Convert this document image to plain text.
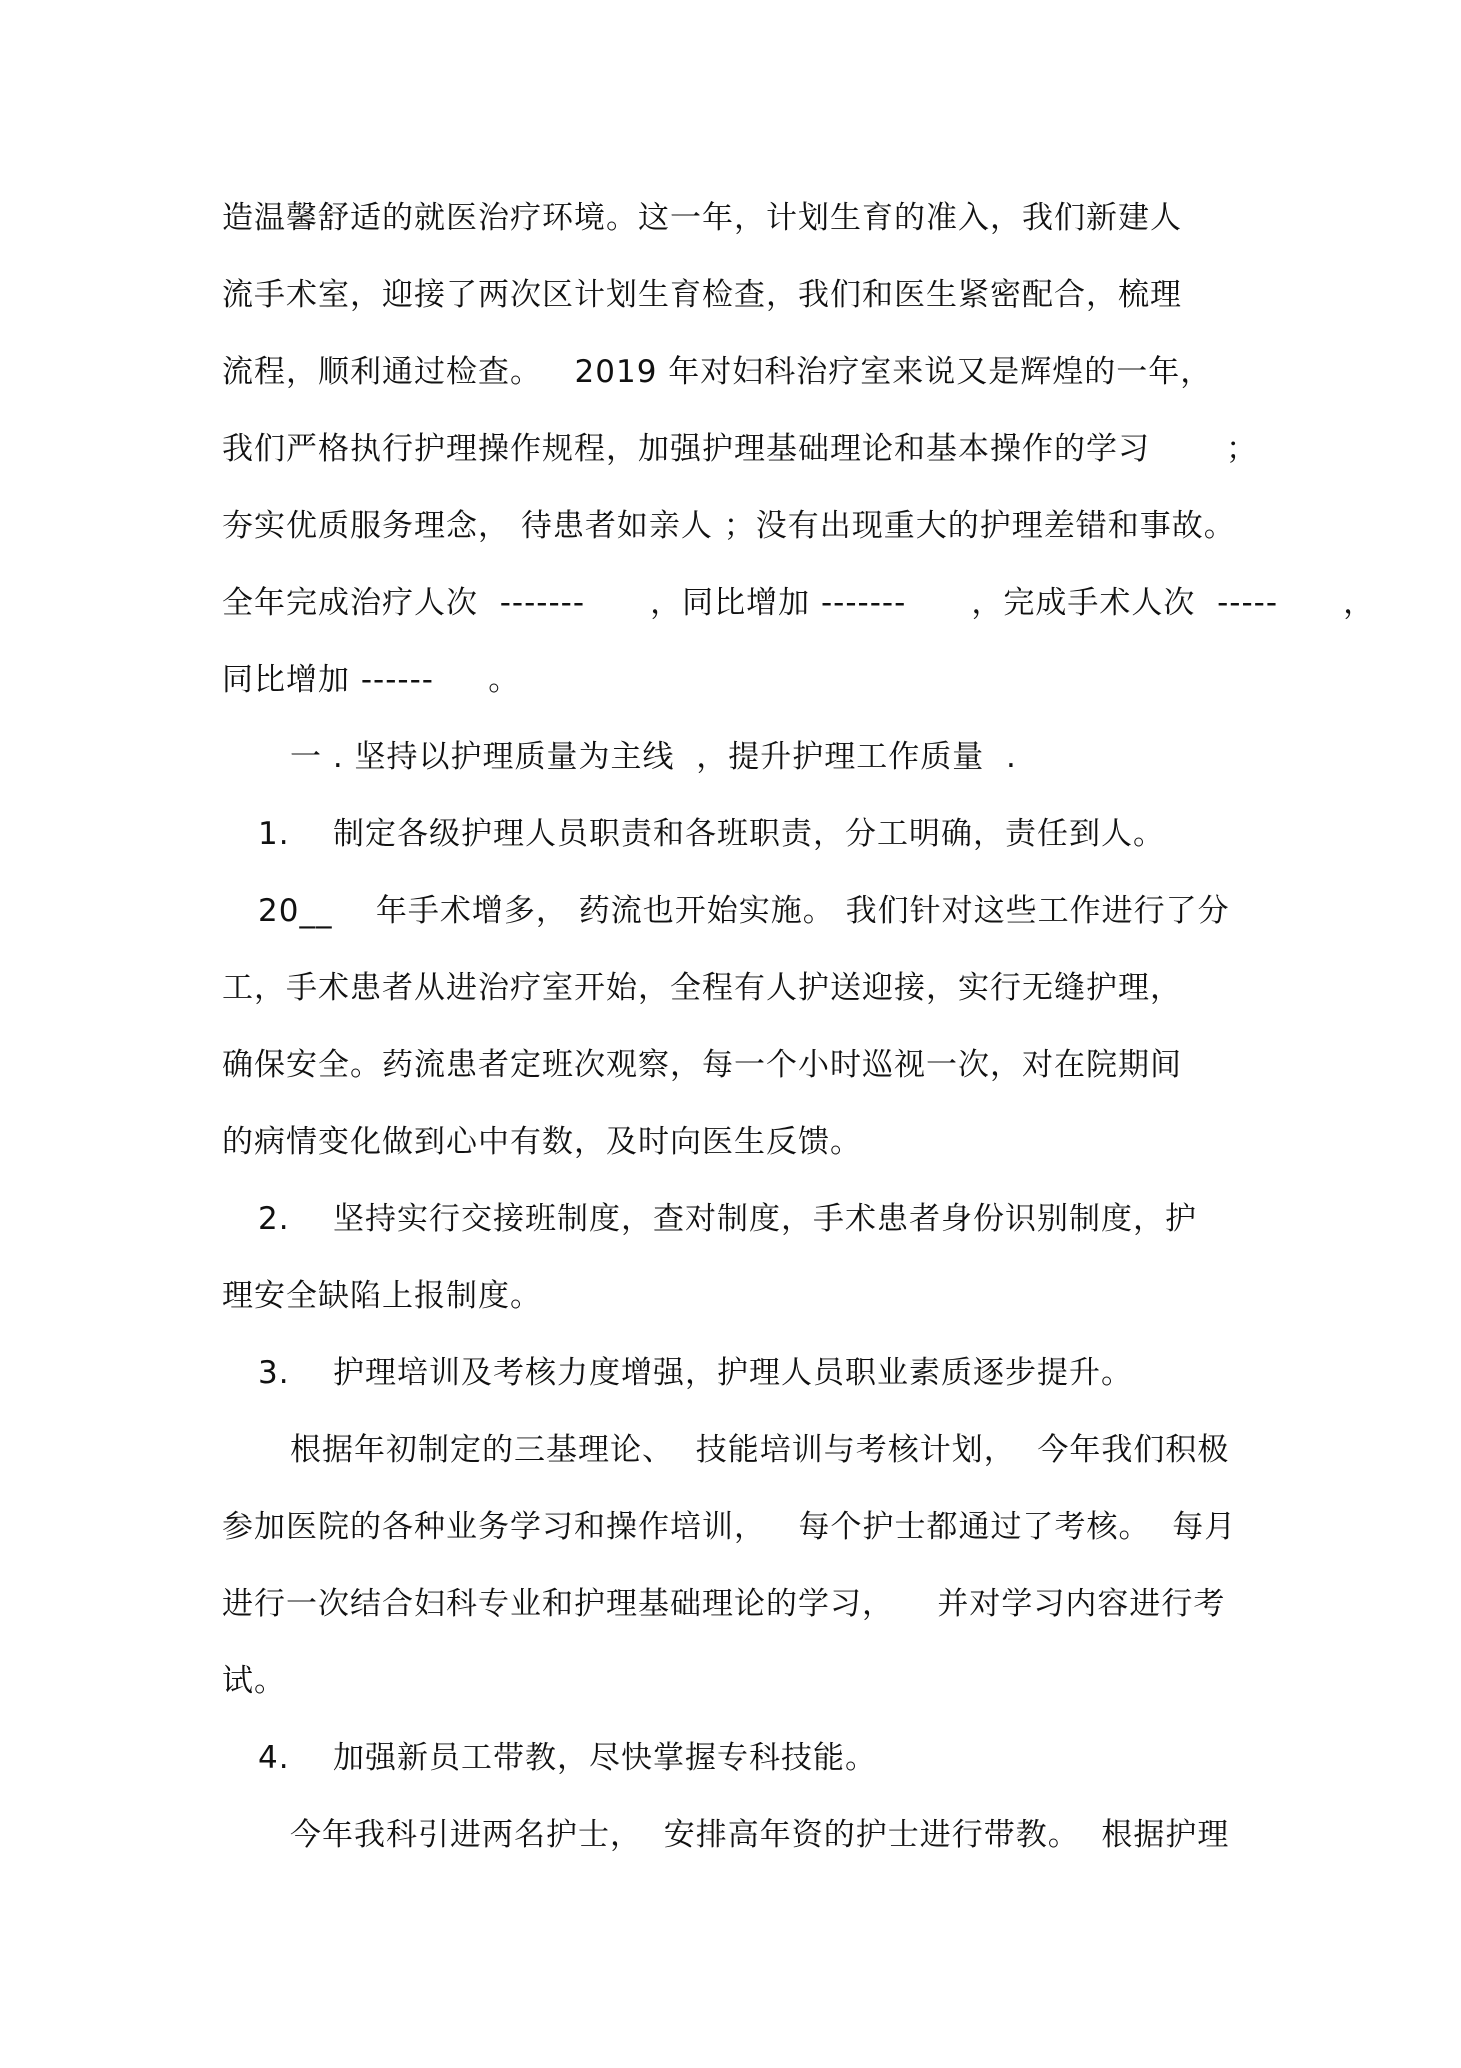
造温馨舒适的就医治疗环境。这一年，计划生育的准入，我们新建人

流手术室，迎接了两次区计划生育检查，我们和医生紧密配合，梳理

流程，顺利通过检查。   2019 年对妇科治疗室来说又是辉煌的一年，

我们严格执行护理操作规程，加强护理基础理论和基本操作的学习       ；

夯实优质服务理念， 待患者如亲人 ；没有出现重大的护理差错和事故。

全年完成治疗人次  -------      ，同比增加 -------      ，完成手术人次  -----      ，

同比增加 ------     。

一 . 坚持以护理质量为主线  ，提升护理工作质量  .

1.    制定各级护理人员职责和各班职责，分工明确，责任到人。

20__    年手术增多， 药流也开始实施。 我们针对这些工作进行了分

工，手术患者从进治疗室开始，全程有人护送迎接，实行无缝护理，

确保安全。药流患者定班次观察，每一个小时巡视一次，对在院期间

的病情变化做到心中有数，及时向医生反馈。

2.    坚持实行交接班制度，查对制度，手术患者身份识别制度，护

理安全缺陷上报制度。

3.    护理培训及考核力度增强，护理人员职业素质逐步提升。

根据年初制定的三基理论、  技能培训与考核计划，  今年我们积极

参加医院的各种业务学习和操作培训，   每个护士都通过了考核。  每月

进行一次结合妇科专业和护理基础理论的学习，    并对学习内容进行考

试。

4.    加强新员工带教，尽快掌握专科技能。

今年我科引进两名护士，  安排高年资的护士进行带教。  根据护理
